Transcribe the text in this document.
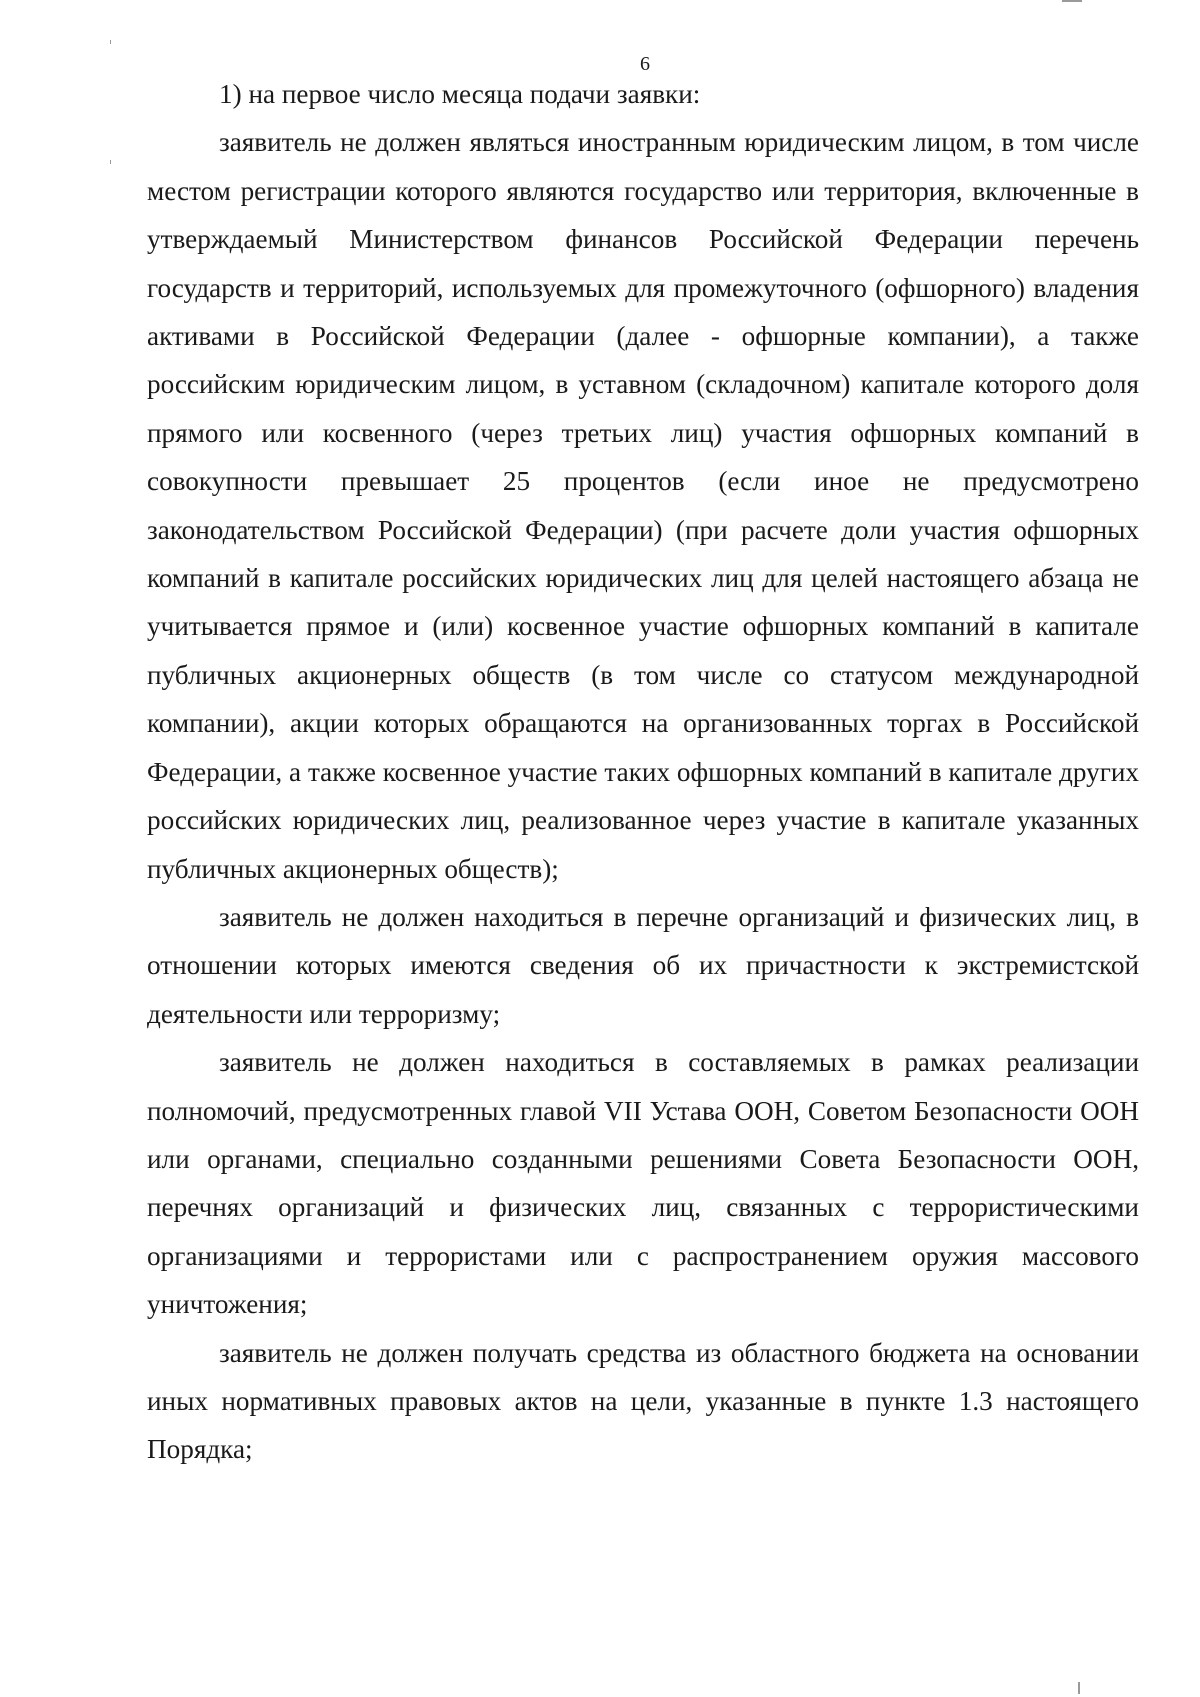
6

1) на первое число месяца подачи заявки:

заявитель не должен являться иностранным юридическим лицом, в том числе местом регистрации которого являются государство или территория, включенные в утверждаемый Министерством финансов Российской Федерации перечень государств и территорий, используемых для промежуточного (офшорного) владения активами в Российской Федерации (далее - офшорные компании), а также российским юридическим лицом, в уставном (складочном) капитале которого доля прямого или косвенного (через третьих лиц) участия офшорных компаний в совокупности превышает 25 процентов (если иное не предусмотрено законодательством Российской Федерации) (при расчете доли участия офшорных компаний в капитале российских юридических лиц для целей настоящего абзаца не учитывается прямое и (или) косвенное участие офшорных компаний в капитале публичных акционерных обществ (в том числе со статусом международной компании), акции которых обращаются на организованных торгах в Российской Федерации, а также косвенное участие таких офшорных компаний в капитале других российских юридических лиц, реализованное через участие в капитале указанных публичных акционерных обществ);

заявитель не должен находиться в перечне организаций и физических лиц, в отношении которых имеются сведения об их причастности к экстремистской деятельности или терроризму;

заявитель не должен находиться в составляемых в рамках реализации полномочий, предусмотренных главой VII Устава ООН, Советом Безопасности ООН или органами, специально созданными решениями Совета Безопасности ООН, перечнях организаций и физических лиц, связанных с террористическими организациями и террористами или с распространением оружия массового уничтожения;

заявитель не должен получать средства из областного бюджета на основании иных нормативных правовых актов на цели, указанные в пункте 1.3 настоящего Порядка;
